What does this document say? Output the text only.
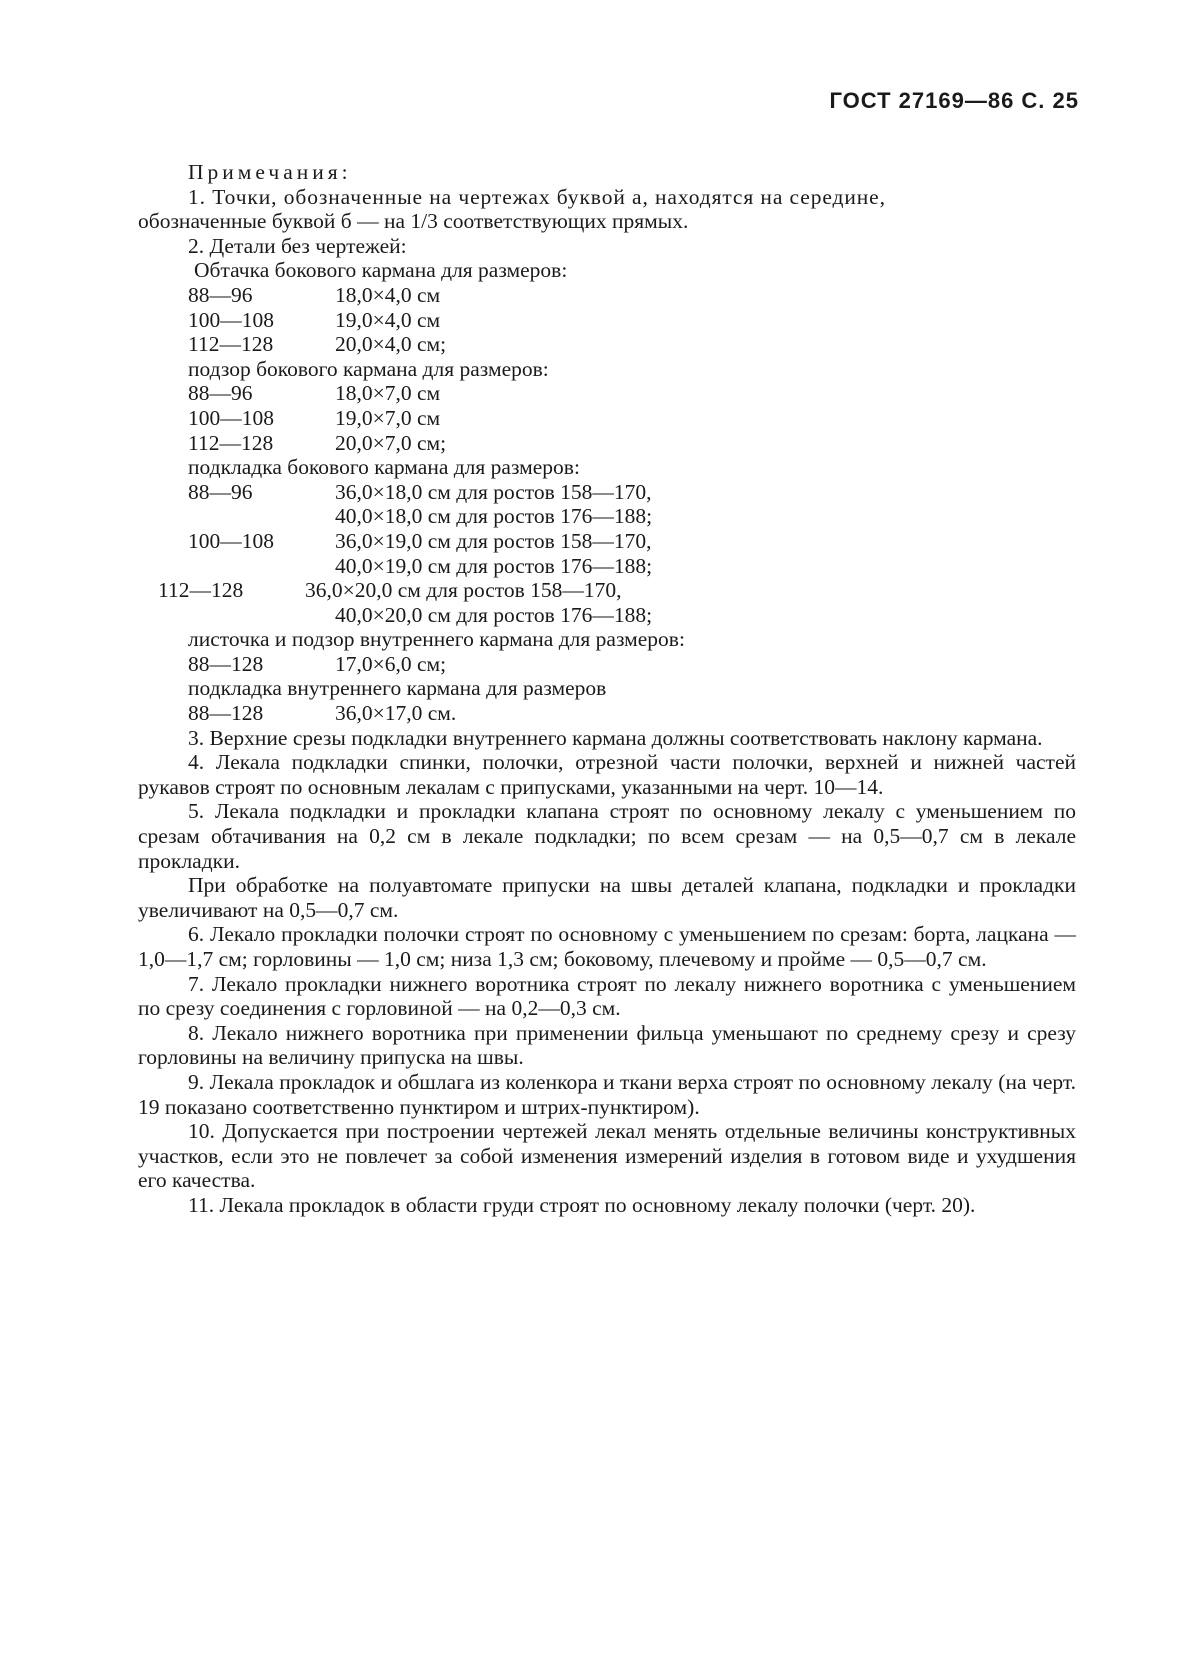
ГОСТ 27169—86 С. 25

Примечания:

1. Точки, обозначенные на чертежах буквой а, находятся на середине,

обозначенные буквой б — на 1/3 соответствующих прямых.

2. Детали без чертежей:

Обтачка бокового кармана для размеров:

88—96	18,0×4,0 см
100—108	19,0×4,0 см
112—128	20,0×4,0 см;

подзор бокового кармана для размеров:

88—96	18,0×7,0 см
100—108	19,0×7,0 см
112—128	20,0×7,0 см;

подкладка бокового кармана для размеров:

88—96	36,0×18,0 см для ростов 158—170,
40,0×18,0 см для ростов 176—188;
100—108	36,0×19,0 см для ростов 158—170,
40,0×19,0 см для ростов 176—188;
112—128	36,0×20,0 см для ростов 158—170,
40,0×20,0 см для ростов 176—188;

листочка и подзор внутреннего кармана для размеров:

88—128	17,0×6,0 см;

подкладка внутреннего кармана для размеров

88—128	36,0×17,0 см.

3. Верхние срезы подкладки внутреннего кармана должны соответствовать наклону кармана.

4. Лекала подкладки спинки, полочки, отрезной части полочки, верхней и нижней частей рукавов строят по основным лекалам с припусками, указанными на черт. 10—14.

5. Лекала подкладки и прокладки клапана строят по основному лекалу с уменьшением по срезам обтачивания на 0,2 см в лекале подкладки; по всем срезам — на 0,5—0,7 см в лекале прокладки.

При обработке на полуавтомате припуски на швы деталей клапана, подкладки и прокладки увеличивают на 0,5—0,7 см.

6. Лекало прокладки полочки строят по основному с уменьшением по срезам: борта, лацкана — 1,0—1,7 см; горловины — 1,0 см; низа 1,3 см; боковому, плечевому и пройме — 0,5—0,7 см.

7. Лекало прокладки нижнего воротника строят по лекалу нижнего воротника с уменьшением по срезу соединения с горловиной — на 0,2—0,3 см.

8. Лекало нижнего воротника при применении фильца уменьшают по среднему срезу и срезу горловины на величину припуска на швы.

9. Лекала прокладок и обшлага из коленкора и ткани верха строят по основному лекалу (на черт. 19 показано соответственно пунктиром и штрих-пунктиром).

10. Допускается при построении чертежей лекал менять отдельные величины конструктивных участков, если это не повлечет за собой изменения измерений изделия в готовом виде и ухудшения его качества.

11. Лекала прокладок в области груди строят по основному лекалу полочки (черт. 20).
